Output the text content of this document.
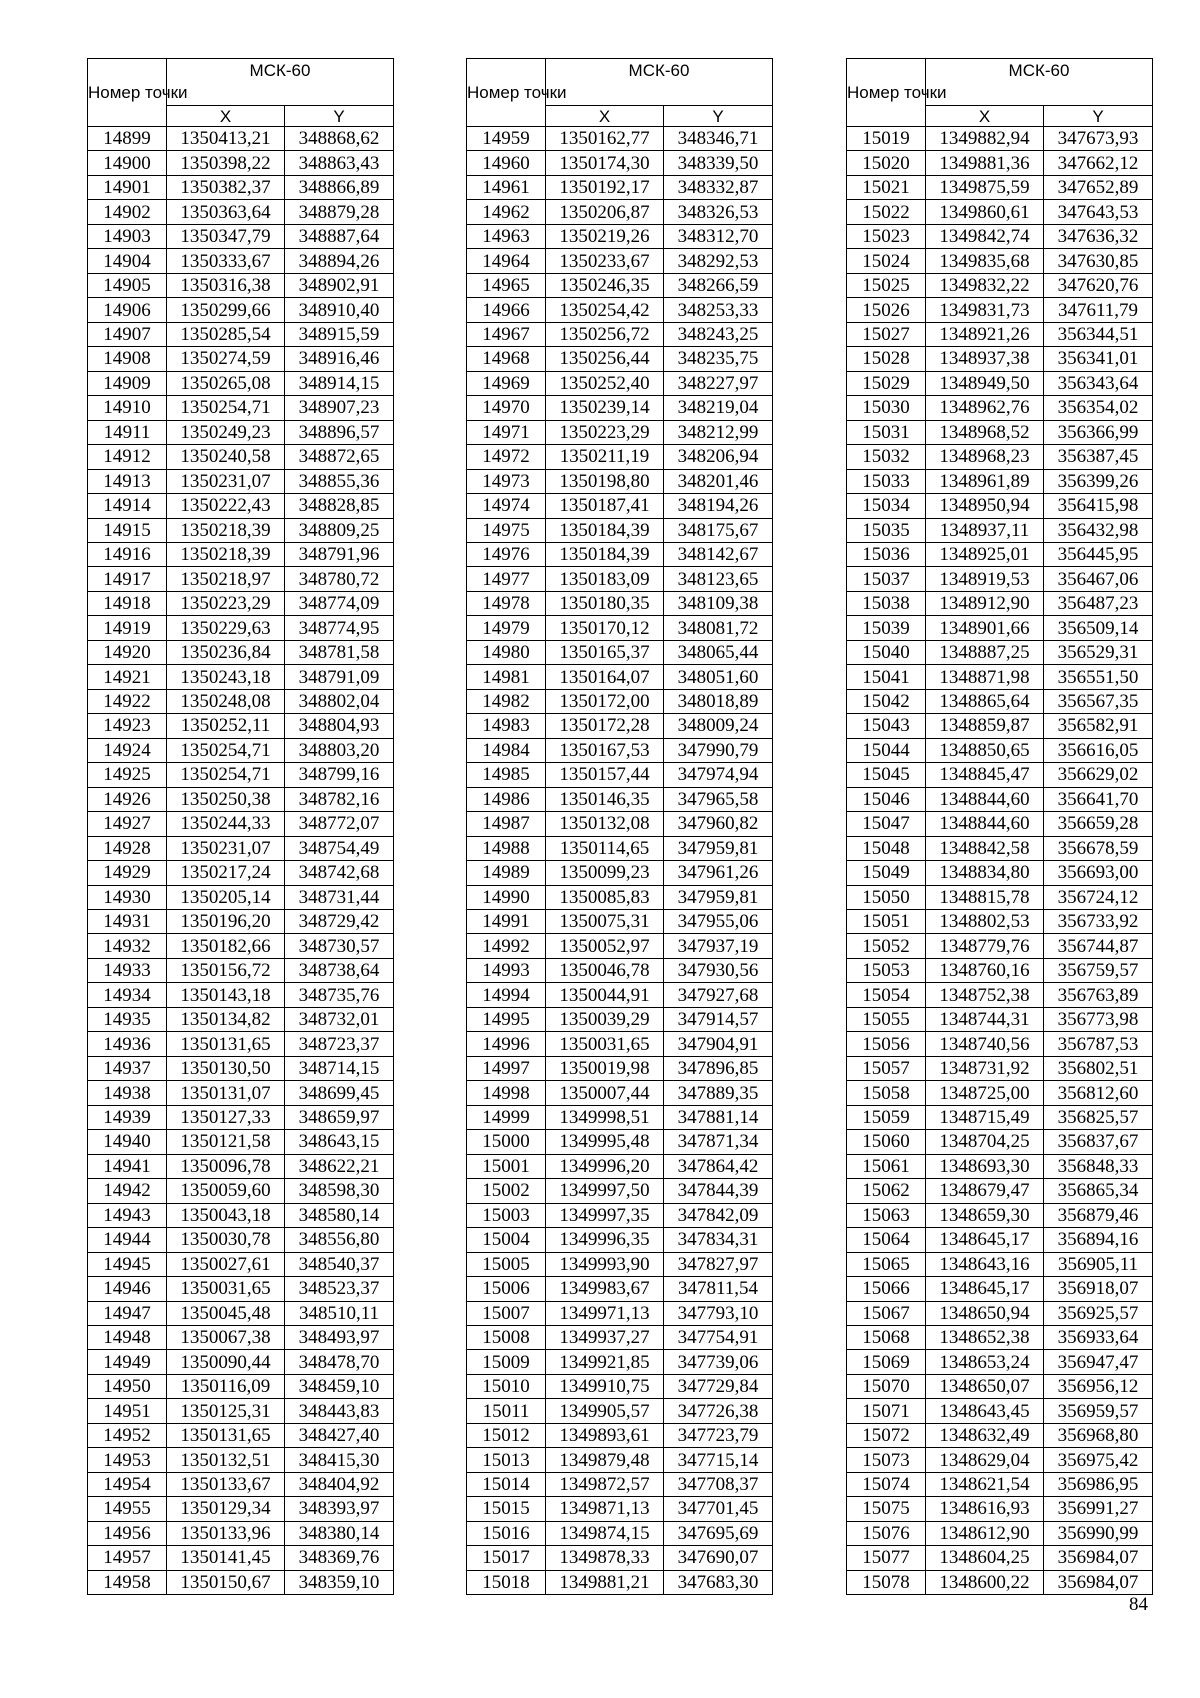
Номер точки	МСК-60	
	X	Y
14899	1350413,21	348868,62
14900	1350398,22	348863,43
14901	1350382,37	348866,89
14902	1350363,64	348879,28
14903	1350347,79	348887,64
14904	1350333,67	348894,26
14905	1350316,38	348902,91
14906	1350299,66	348910,40
14907	1350285,54	348915,59
14908	1350274,59	348916,46
14909	1350265,08	348914,15
14910	1350254,71	348907,23
14911	1350249,23	348896,57
14912	1350240,58	348872,65
14913	1350231,07	348855,36
14914	1350222,43	348828,85
14915	1350218,39	348809,25
14916	1350218,39	348791,96
14917	1350218,97	348780,72
14918	1350223,29	348774,09
14919	1350229,63	348774,95
14920	1350236,84	348781,58
14921	1350243,18	348791,09
14922	1350248,08	348802,04
14923	1350252,11	348804,93
14924	1350254,71	348803,20
14925	1350254,71	348799,16
14926	1350250,38	348782,16
14927	1350244,33	348772,07
14928	1350231,07	348754,49
14929	1350217,24	348742,68
14930	1350205,14	348731,44
14931	1350196,20	348729,42
14932	1350182,66	348730,57
14933	1350156,72	348738,64
14934	1350143,18	348735,76
14935	1350134,82	348732,01
14936	1350131,65	348723,37
14937	1350130,50	348714,15
14938	1350131,07	348699,45
14939	1350127,33	348659,97
14940	1350121,58	348643,15
14941	1350096,78	348622,21
14942	1350059,60	348598,30
14943	1350043,18	348580,14
14944	1350030,78	348556,80
14945	1350027,61	348540,37
14946	1350031,65	348523,37
14947	1350045,48	348510,11
14948	1350067,38	348493,97
14949	1350090,44	348478,70
14950	1350116,09	348459,10
14951	1350125,31	348443,83
14952	1350131,65	348427,40
14953	1350132,51	348415,30
14954	1350133,67	348404,92
14955	1350129,34	348393,97
14956	1350133,96	348380,14
14957	1350141,45	348369,76
14958	1350150,67	348359,10
Номер точки	МСК-60	
	X	Y
14959	1350162,77	348346,71
14960	1350174,30	348339,50
14961	1350192,17	348332,87
14962	1350206,87	348326,53
14963	1350219,26	348312,70
14964	1350233,67	348292,53
14965	1350246,35	348266,59
14966	1350254,42	348253,33
14967	1350256,72	348243,25
14968	1350256,44	348235,75
14969	1350252,40	348227,97
14970	1350239,14	348219,04
14971	1350223,29	348212,99
14972	1350211,19	348206,94
14973	1350198,80	348201,46
14974	1350187,41	348194,26
14975	1350184,39	348175,67
14976	1350184,39	348142,67
14977	1350183,09	348123,65
14978	1350180,35	348109,38
14979	1350170,12	348081,72
14980	1350165,37	348065,44
14981	1350164,07	348051,60
14982	1350172,00	348018,89
14983	1350172,28	348009,24
14984	1350167,53	347990,79
14985	1350157,44	347974,94
14986	1350146,35	347965,58
14987	1350132,08	347960,82
14988	1350114,65	347959,81
14989	1350099,23	347961,26
14990	1350085,83	347959,81
14991	1350075,31	347955,06
14992	1350052,97	347937,19
14993	1350046,78	347930,56
14994	1350044,91	347927,68
14995	1350039,29	347914,57
14996	1350031,65	347904,91
14997	1350019,98	347896,85
14998	1350007,44	347889,35
14999	1349998,51	347881,14
15000	1349995,48	347871,34
15001	1349996,20	347864,42
15002	1349997,50	347844,39
15003	1349997,35	347842,09
15004	1349996,35	347834,31
15005	1349993,90	347827,97
15006	1349983,67	347811,54
15007	1349971,13	347793,10
15008	1349937,27	347754,91
15009	1349921,85	347739,06
15010	1349910,75	347729,84
15011	1349905,57	347726,38
15012	1349893,61	347723,79
15013	1349879,48	347715,14
15014	1349872,57	347708,37
15015	1349871,13	347701,45
15016	1349874,15	347695,69
15017	1349878,33	347690,07
15018	1349881,21	347683,30
Номер точки	МСК-60	
	X	Y
15019	1349882,94	347673,93
15020	1349881,36	347662,12
15021	1349875,59	347652,89
15022	1349860,61	347643,53
15023	1349842,74	347636,32
15024	1349835,68	347630,85
15025	1349832,22	347620,76
15026	1349831,73	347611,79
15027	1348921,26	356344,51
15028	1348937,38	356341,01
15029	1348949,50	356343,64
15030	1348962,76	356354,02
15031	1348968,52	356366,99
15032	1348968,23	356387,45
15033	1348961,89	356399,26
15034	1348950,94	356415,98
15035	1348937,11	356432,98
15036	1348925,01	356445,95
15037	1348919,53	356467,06
15038	1348912,90	356487,23
15039	1348901,66	356509,14
15040	1348887,25	356529,31
15041	1348871,98	356551,50
15042	1348865,64	356567,35
15043	1348859,87	356582,91
15044	1348850,65	356616,05
15045	1348845,47	356629,02
15046	1348844,60	356641,70
15047	1348844,60	356659,28
15048	1348842,58	356678,59
15049	1348834,80	356693,00
15050	1348815,78	356724,12
15051	1348802,53	356733,92
15052	1348779,76	356744,87
15053	1348760,16	356759,57
15054	1348752,38	356763,89
15055	1348744,31	356773,98
15056	1348740,56	356787,53
15057	1348731,92	356802,51
15058	1348725,00	356812,60
15059	1348715,49	356825,57
15060	1348704,25	356837,67
15061	1348693,30	356848,33
15062	1348679,47	356865,34
15063	1348659,30	356879,46
15064	1348645,17	356894,16
15065	1348643,16	356905,11
15066	1348645,17	356918,07
15067	1348650,94	356925,57
15068	1348652,38	356933,64
15069	1348653,24	356947,47
15070	1348650,07	356956,12
15071	1348643,45	356959,57
15072	1348632,49	356968,80
15073	1348629,04	356975,42
15074	1348621,54	356986,95
15075	1348616,93	356991,27
15076	1348612,90	356990,99
15077	1348604,25	356984,07
15078	1348600,22	356984,07
84
